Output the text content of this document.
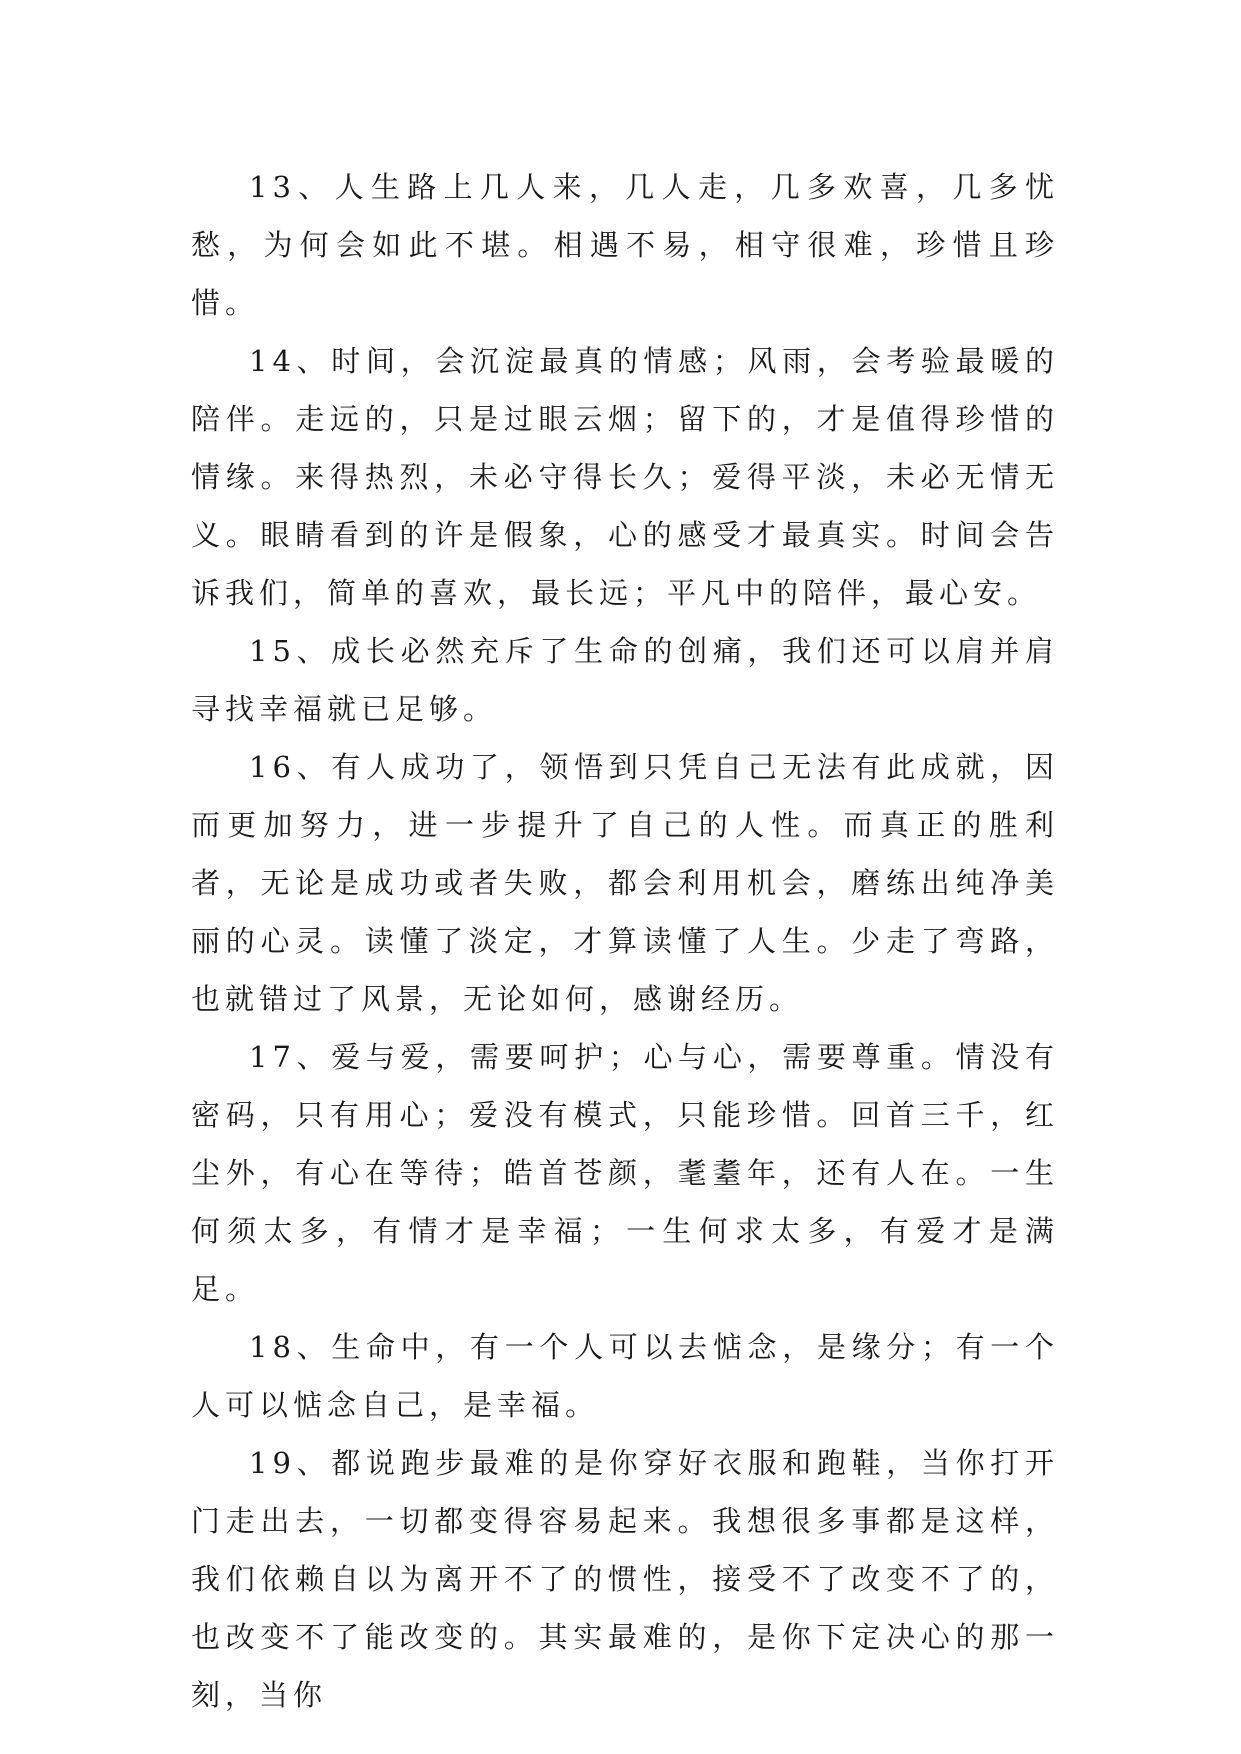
13、人生路上几人来，几人走，几多欢喜，几多忧愁，为何会如此不堪。相遇不易，相守很难，珍惜且珍惜。

14、时间，会沉淀最真的情感；风雨，会考验最暖的陪伴。走远的，只是过眼云烟；留下的，才是值得珍惜的情缘。来得热烈，未必守得长久；爱得平淡，未必无情无义。眼睛看到的许是假象，心的感受才最真实。时间会告诉我们，简单的喜欢，最长远；平凡中的陪伴，最心安。

15、成长必然充斥了生命的创痛，我们还可以肩并肩寻找幸福就已足够。

16、有人成功了，领悟到只凭自己无法有此成就，因而更加努力，进一步提升了自己的人性。而真正的胜利者，无论是成功或者失败，都会利用机会，磨练出纯净美丽的心灵。读懂了淡定，才算读懂了人生。少走了弯路，也就错过了风景，无论如何，感谢经历。

17、爱与爱，需要呵护；心与心，需要尊重。情没有密码，只有用心；爱没有模式，只能珍惜。回首三千，红尘外，有心在等待；皓首苍颜，耄耋年，还有人在。一生何须太多，有情才是幸福；一生何求太多，有爱才是满足。

18、生命中，有一个人可以去惦念，是缘分；有一个人可以惦念自己，是幸福。

19、都说跑步最难的是你穿好衣服和跑鞋，当你打开门走出去，一切都变得容易起来。我想很多事都是这样，我们依赖自以为离开不了的惯性，接受不了改变不了的，也改变不了能改变的。其实最难的，是你下定决心的那一刻，当你
